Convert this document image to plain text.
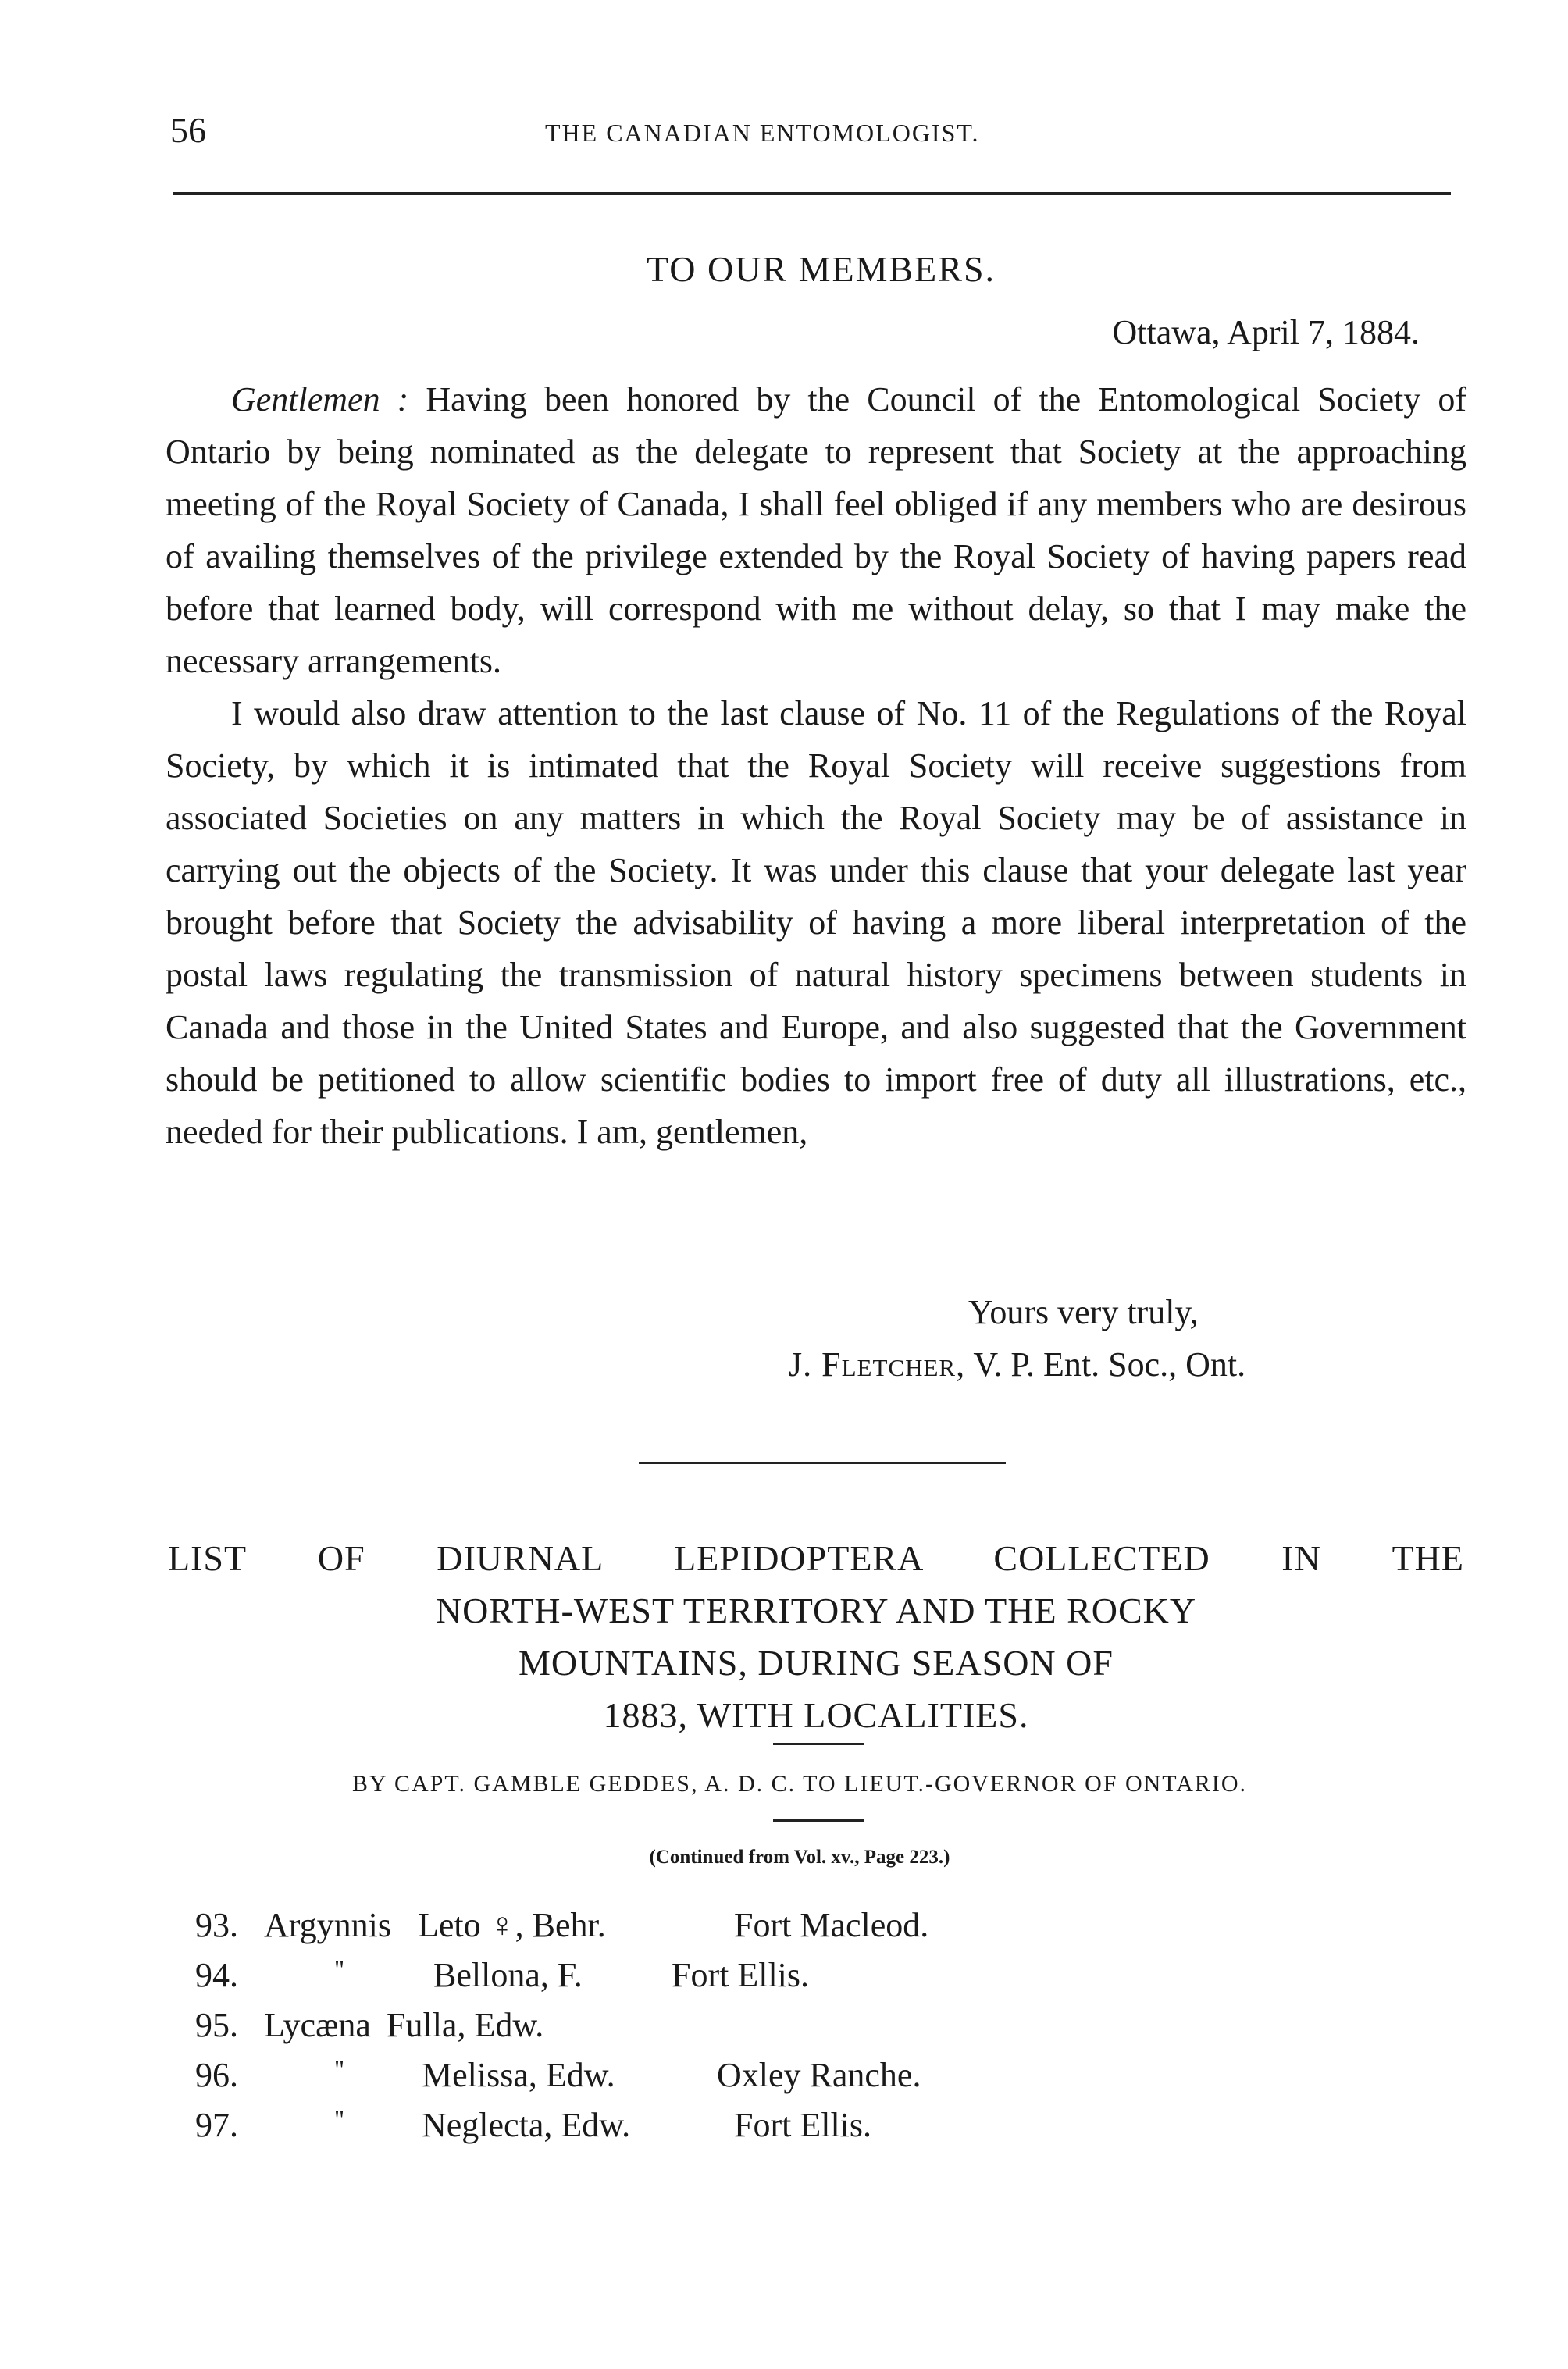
56	THE CANADIAN ENTOMOLOGIST.
TO OUR MEMBERS.
Ottawa, April 7, 1884.

Gentlemen : Having been honored by the Council of the Entomological Society of Ontario by being nominated as the delegate to represent that Society at the approaching meeting of the Royal Society of Canada, I shall feel obliged if any members who are desirous of availing themselves of the privilege extended by the Royal Society of having papers read before that learned body, will correspond with me without delay, so that I may make the necessary arrangements.

I would also draw attention to the last clause of No. 11 of the Regulations of the Royal Society, by which it is intimated that the Royal Society will receive suggestions from associated Societies on any matters in which the Royal Society may be of assistance in carrying out the objects of the Society. It was under this clause that your delegate last year brought before that Society the advisability of having a more liberal interpretation of the postal laws regulating the transmission of natural history specimens between students in Canada and those in the United States and Europe, and also suggested that the Government should be petitioned to allow scientific bodies to import free of duty all illustrations, etc., needed for their publications. I am, gentlemen,

Yours very truly,
J. Fletcher, V. P. Ent. Soc., Ont.
LIST OF DIURNAL LEPIDOPTERA COLLECTED IN THE
NORTH-WEST TERRITORY AND THE ROCKY
MOUNTAINS, DURING SEASON OF
1883, WITH LOCALITIES.
BY CAPT. GAMBLE GEDDES, A. D. C. TO LIEUT.-GOVERNOR OF ONTARIO.
(Continued from Vol. xv., Page 223.)
93. Argynnis Leto ♀, Behr.	Fort Macleod.
94.	"	Bellona, F.	Fort Ellis.
95. Lycæna Fulla, Edw.
96.	" Melissa, Edw.	Oxley Ranche.
97.	" Neglecta, Edw.	Fort Ellis.
